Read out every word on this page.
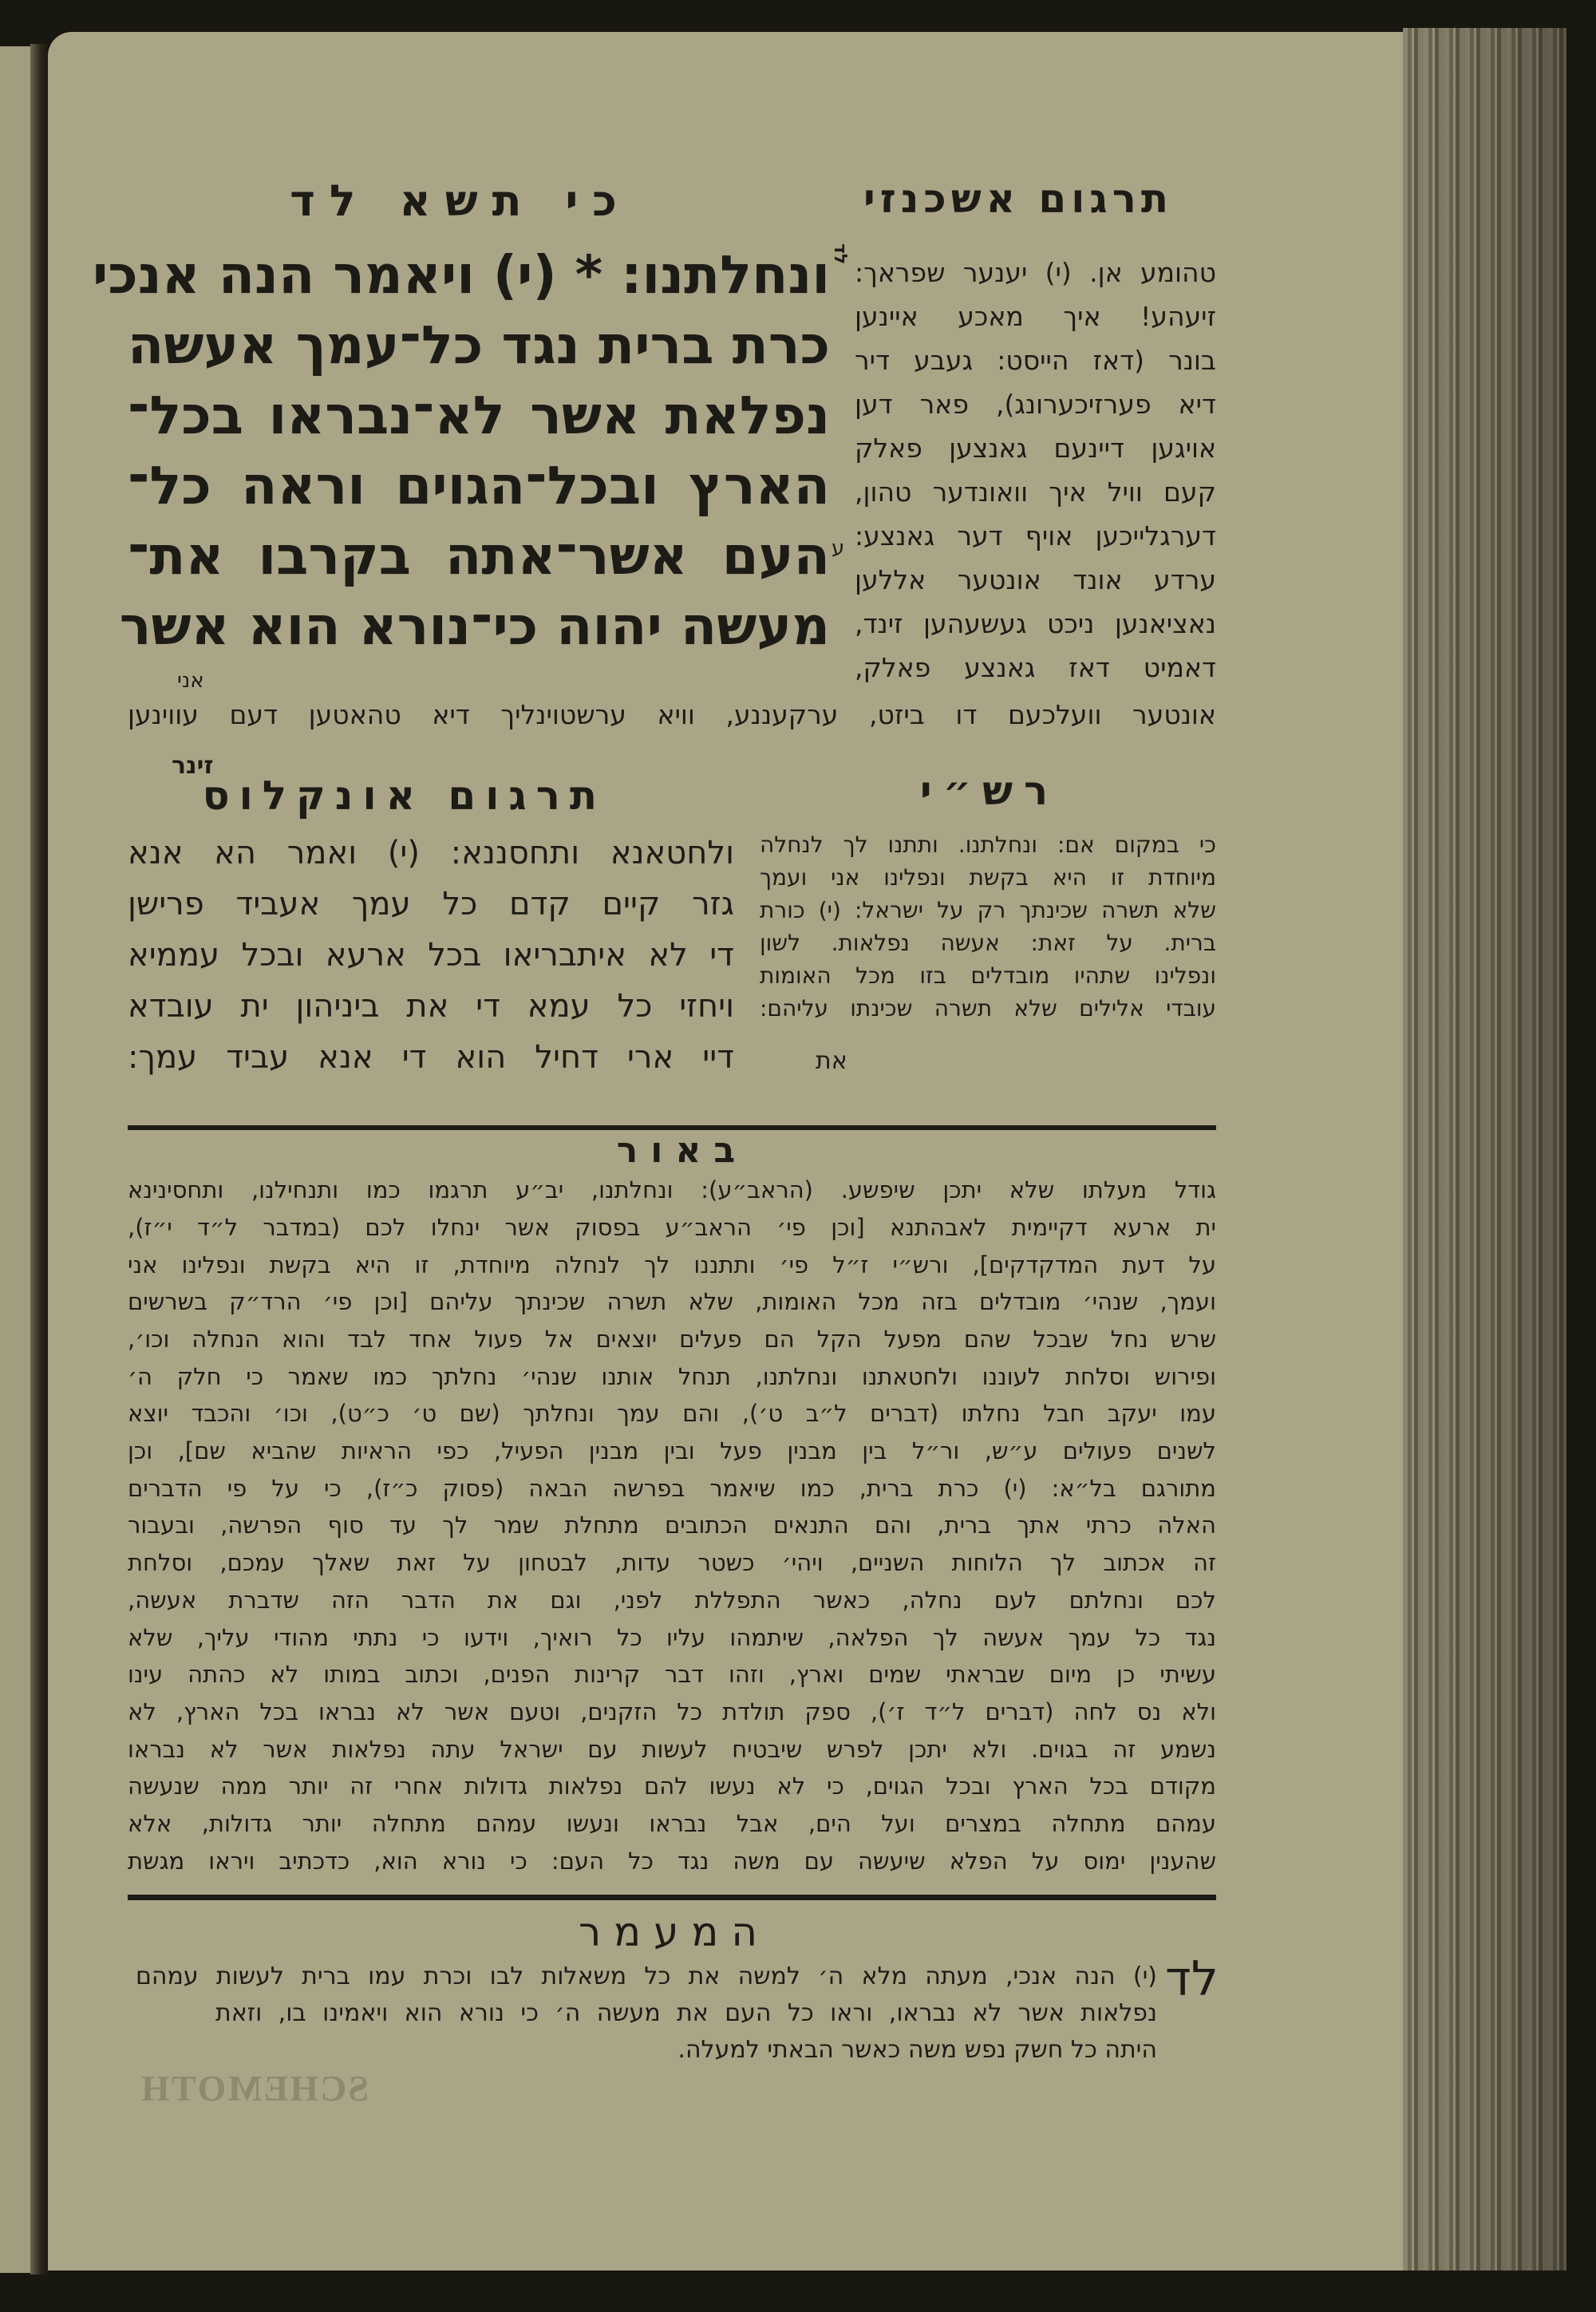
כי תשא לד	תרגום אשכנזי
לד
ע
אני
זינר
תרגום אונקלוס	רש״י
את
באור
המעמר
לד
SCHEMOTH
ונחלתנו: * (י) ויאמר הנה אנכי
כרת ברית נגד כל־עמך אעשה
נפלאת אשר לא־נבראו בכל־
הארץ ובכל־הגוים וראה כל־
העם אשר־אתה בקרבו את־
מעשה יהוה כי־נורא הוא אשר
טהומע אן. (י) יענער שפראך:
זיעהע! איך מאכע איינען
בונר (דאז הייסט: געבע דיר
דיא פערזיכערונג), פאר דען
אויגען דיינעם גאנצען פאלק
קעם וויל איך וואונדער טהון,
דערגלייכען אויף דער גאנצע:
ערדע אונד אונטער אללען
נאציאנען ניכט געשעהען זינד,
דאמיט דאז גאנצע פאלק,
ולחטאנא ותחסננא: (י) ואמר הא אנא
גזר קיים קדם כל עמך אעביד פרישן
די לא איתבריאו בכל ארעא ובכל עממיא
ויחזי כל עמא די את ביניהון ית עובדא
דיי ארי דחיל הוא די אנא עביד עמך:
כי במקום אם: ונחלתנו. ותתנו לך לנחלה
מיוחדת זו היא בקשת ונפלינו אני ועמך
שלא תשרה שכינתך רק על ישראל: (י) כורת
ברית. על זאת: אעשה נפלאות. לשון
ונפלינו שתהיו מובדלים בזו מכל האומות
עובדי אלילים שלא תשרה שכינתו עליהם:
גודל מעלתו שלא יתכן שיפשע. (הראב״ע): ונחלתנו, יב״ע תרגמו כמו ותנחילנו, ותחסינינא
ית ארעא דקיימית לאבהתנא [וכן פי׳ הראב״ע בפסוק אשר ינחלו לכם (במדבר ל״ד י״ז),
על דעת המדקדקים], ורש״י ז״ל פי׳ ותתננו לך לנחלה מיוחדת, זו היא בקשת ונפלינו אני
ועמך, שנהי׳ מובדלים בזה מכל האומות, שלא תשרה שכינתך עליהם [וכן פי׳ הרד״ק בשרשים
שרש נחל שבכל שהם מפעל הקל הם פעלים יוצאים אל פעול אחד לבד והוא הנחלה וכו׳,
ופירוש וסלחת לעוננו ולחטאתנו ונחלתנו, תנחל אותנו שנהי׳ נחלתך כמו שאמר כי חלק ה׳
עמו יעקב חבל נחלתו (דברים ל״ב ט׳), והם עמך ונחלתך (שם ט׳ כ״ט), וכו׳ והכבד יוצא
לשנים פעולים ע״ש, ור״ל בין מבנין פעל ובין מבנין הפעיל, כפי הראיות שהביא שם], וכן
מתורגם בל״א: (י) כרת ברית, כמו שיאמר בפרשה הבאה (פסוק כ״ז), כי על פי הדברים
האלה כרתי אתך ברית, והם התנאים הכתובים מתחלת שמר לך עד סוף הפרשה, ובעבור
זה אכתוב לך הלוחות השניים, ויהי׳ כשטר עדות, לבטחון על זאת שאלך עמכם, וסלחת
לכם ונחלתם לעם נחלה, כאשר התפללת לפני, וגם את הדבר הזה שדברת אעשה,
נגד כל עמך אעשה לך הפלאה, שיתמהו עליו כל רואיך, וידעו כי נתתי מהודי עליך, שלא
עשיתי כן מיום שבראתי שמים וארץ, וזהו דבר קרינות הפנים, וכתוב במותו לא כהתה עינו
ולא נס לחה (דברים ל״ד ז׳), ספק תולדת כל הזקנים, וטעם אשר לא נבראו בכל הארץ, לא
נשמע זה בגוים. ולא יתכן לפרש שיבטיח לעשות עם ישראל עתה נפלאות אשר לא נבראו
מקודם בכל הארץ ובכל הגוים, כי לא נעשו להם נפלאות גדולות אחרי זה יותר ממה שנעשה
עמהם מתחלה במצרים ועל הים, אבל נבראו ונעשו עמהם מתחלה יותר גדולות, אלא
שהענין ימוס על הפלא שיעשה עם משה נגד כל העם: כי נורא הוא, כדכתיב ויראו מגשת
אונטער וועלכעם דו ביזט, ערקעננע, וויא ערשטוינליך דיא טהאטען דעם עווינען
(י) הנה אנכי, מעתה מלא ה׳ למשה את כל משאלות לבו וכרת עמו ברית לעשות עמהם
נפלאות אשר לא נבראו, וראו כל העם את מעשה ה׳ כי נורא הוא ויאמינו בו, וזאת
היתה כל חשק נפש משה כאשר הבאתי למעלה.
